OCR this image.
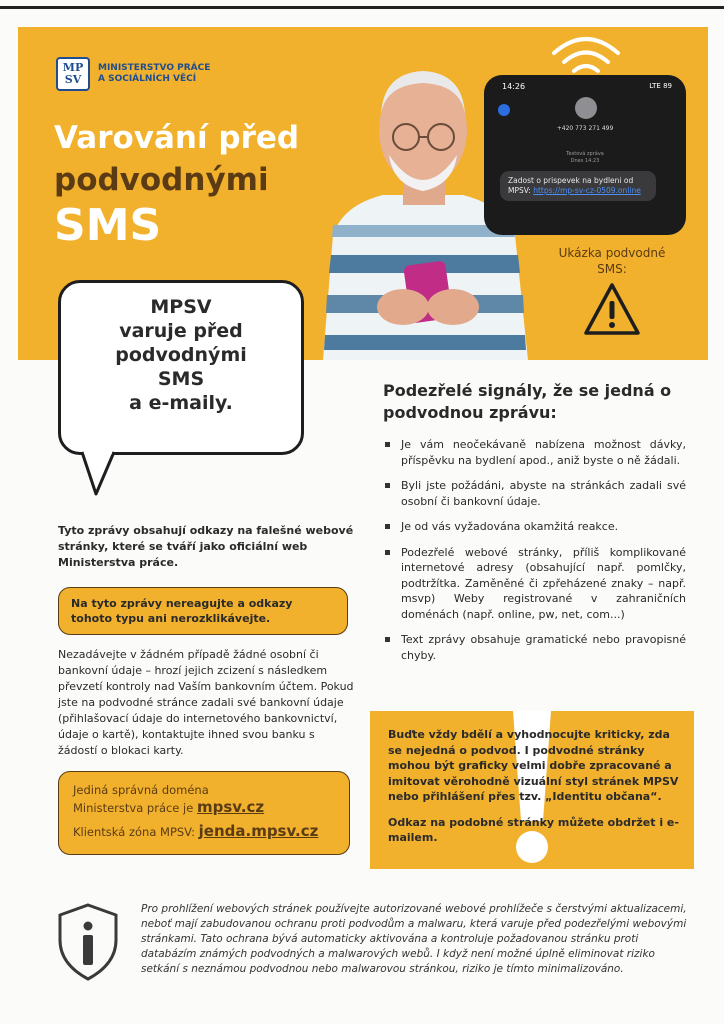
MP
SV
MINISTERSTVO PRÁCE
A SOCIÁLNÍCH VĚCÍ
Varování před
podvodnými
SMS
14:26	LTE 89
+420 773 271 499
Textová zpráva
Dnes 14:23
Zadost o prispevek na bydleni od MPSV: https://mp-sv-cz-0509.online
Ukázka podvodné SMS:
MPSV
varuje před
podvodnými
SMS
a e-maily.
Tyto zprávy obsahují odkazy na falešné webové stránky, které se tváří jako oficiální web Ministerstva práce.
Na tyto zprávy nereagujte a odkazy tohoto typu ani nerozklikávejte.
Nezadávejte v žádném případě žádné osobní či bankovní údaje – hrozí jejich zcizení s následkem převzetí kontroly nad Vaším bankovním účtem. Pokud jste na podvodné stránce zadali své bankovní údaje (přihlašovací údaje do internetového bankovnictví, údaje o kartě), kontaktujte ihned svou banku s žádostí o blokaci karty.
Jediná správná doména
Ministerstva práce je mpsv.cz
Klientská zóna MPSV: jenda.mpsv.cz
Podezřelé signály, že se jedná o podvodnou zprávu:
Je vám neočekávaně nabízena možnost dávky, příspěvku na bydlení apod., aniž byste o ně žádali.
Byli jste požádáni, abyste na stránkách zadali své osobní či bankovní údaje.
Je od vás vyžadována okamžitá reakce.
Podezřelé webové stránky, příliš komplikované internetové adresy (obsahující např. pomlčky, podtržítka. Zaměněné či zpřeházené znaky – např. msvp) Weby registrované v zahraničních doménách (např. online, pw, net, com...)
Text zprávy obsahuje gramatické nebo pravopisné chyby.

Buďte vždy bdělí a vyhodnocujte kriticky, zda se nejedná o podvod. I podvodné stránky mohou být graficky velmi dobře zpracované a imitovat věrohodně vizuální styl stránek MPSV nebo přihlášení přes tzv. „Identitu občana“.

Odkaz na podobné stránky můžete obdržet i e-mailem.

Pro prohlížení webových stránek používejte autorizované webové prohlížeče s čerstvými aktualizacemi, neboť mají zabudovanou ochranu proti podvodům a malwaru, která varuje před podezřelými webovými stránkami. Tato ochrana bývá automaticky aktivována a kontroluje požadovanou stránku proti databázím známých podvodných a malwarových webů. I když není možné úplně eliminovat riziko setkání s neznámou podvodnou nebo malwarovou stránkou, riziko je tímto minimalizováno.
